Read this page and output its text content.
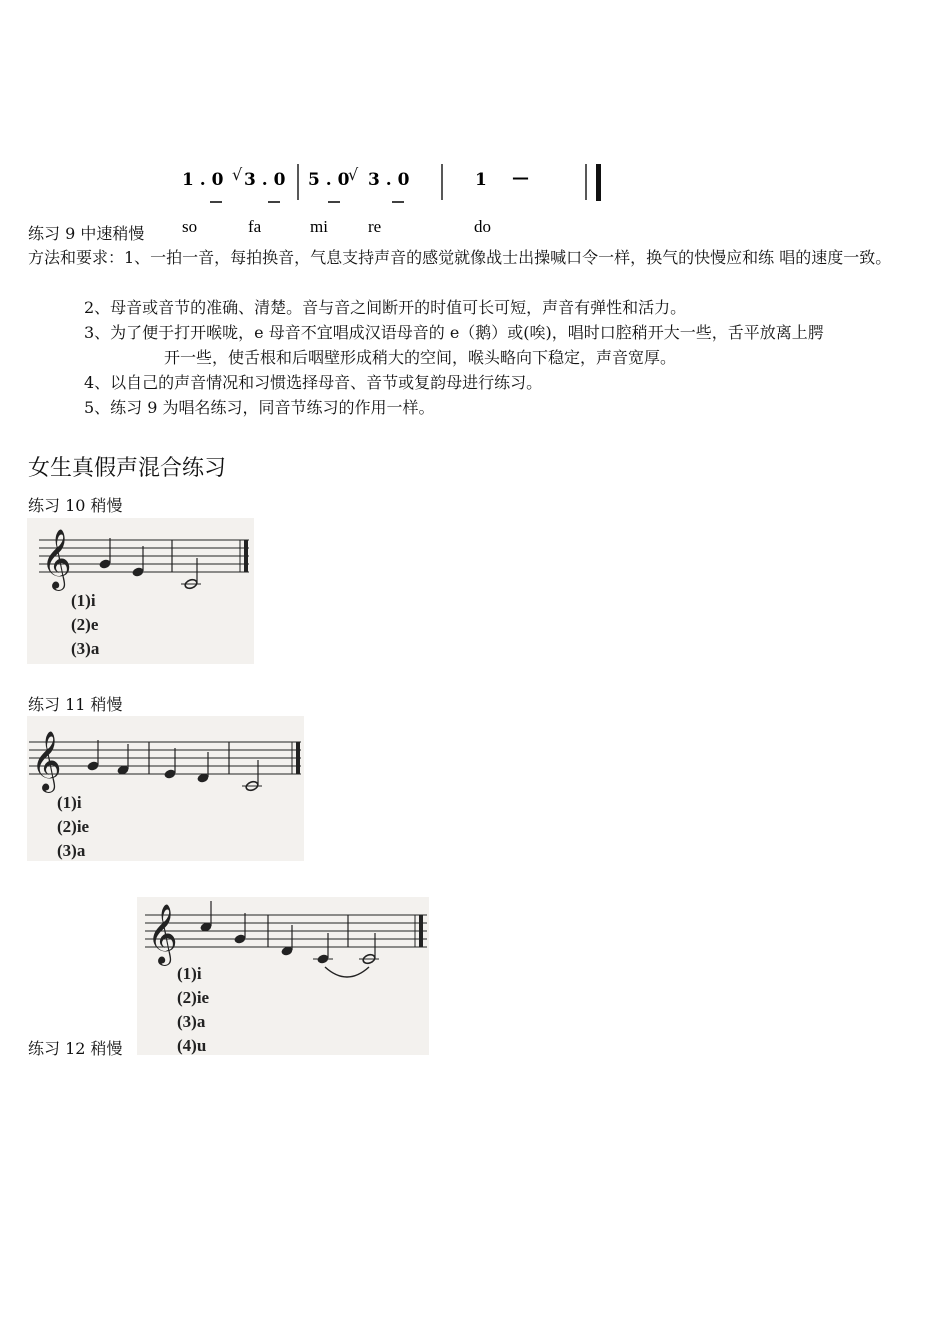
1 . 0 √ 3 . 0 5 . 0
√ 3 . 0	1 —
so	fa	mi re	do
练习 9 中速稍慢
方法和要求：1、一拍一音，每拍换音，气息支持声音的感觉就像战士出操喊口令一样，换气的快慢应和练 唱的速度一致。
2、母音或音节的准确、清楚。音与音之间断开的时值可长可短，声音有弹性和活力。
3、为了便于打开喉咙，e 母音不宜唱成汉语母音的 e（鹅）或(唉)，唱时口腔稍开大一些，舌平放离上腭
开一些，使舌根和后咽壁形成稍大的空间，喉头略向下稳定，声音宽厚。
4、以自己的声音情况和习惯选择母音、音节或复韵母进行练习。
5、练习 9 为唱名练习，同音节练习的作用一样。
女生真假声混合练习
练习 10 稍慢
𝄞
(1)i
(2)e
(3)a
练习 11 稍慢
𝄞
(1)i
(2)ie
(3)a
𝄞
(1)i
(2)ie
(3)a
(4)u
练习 12 稍慢
